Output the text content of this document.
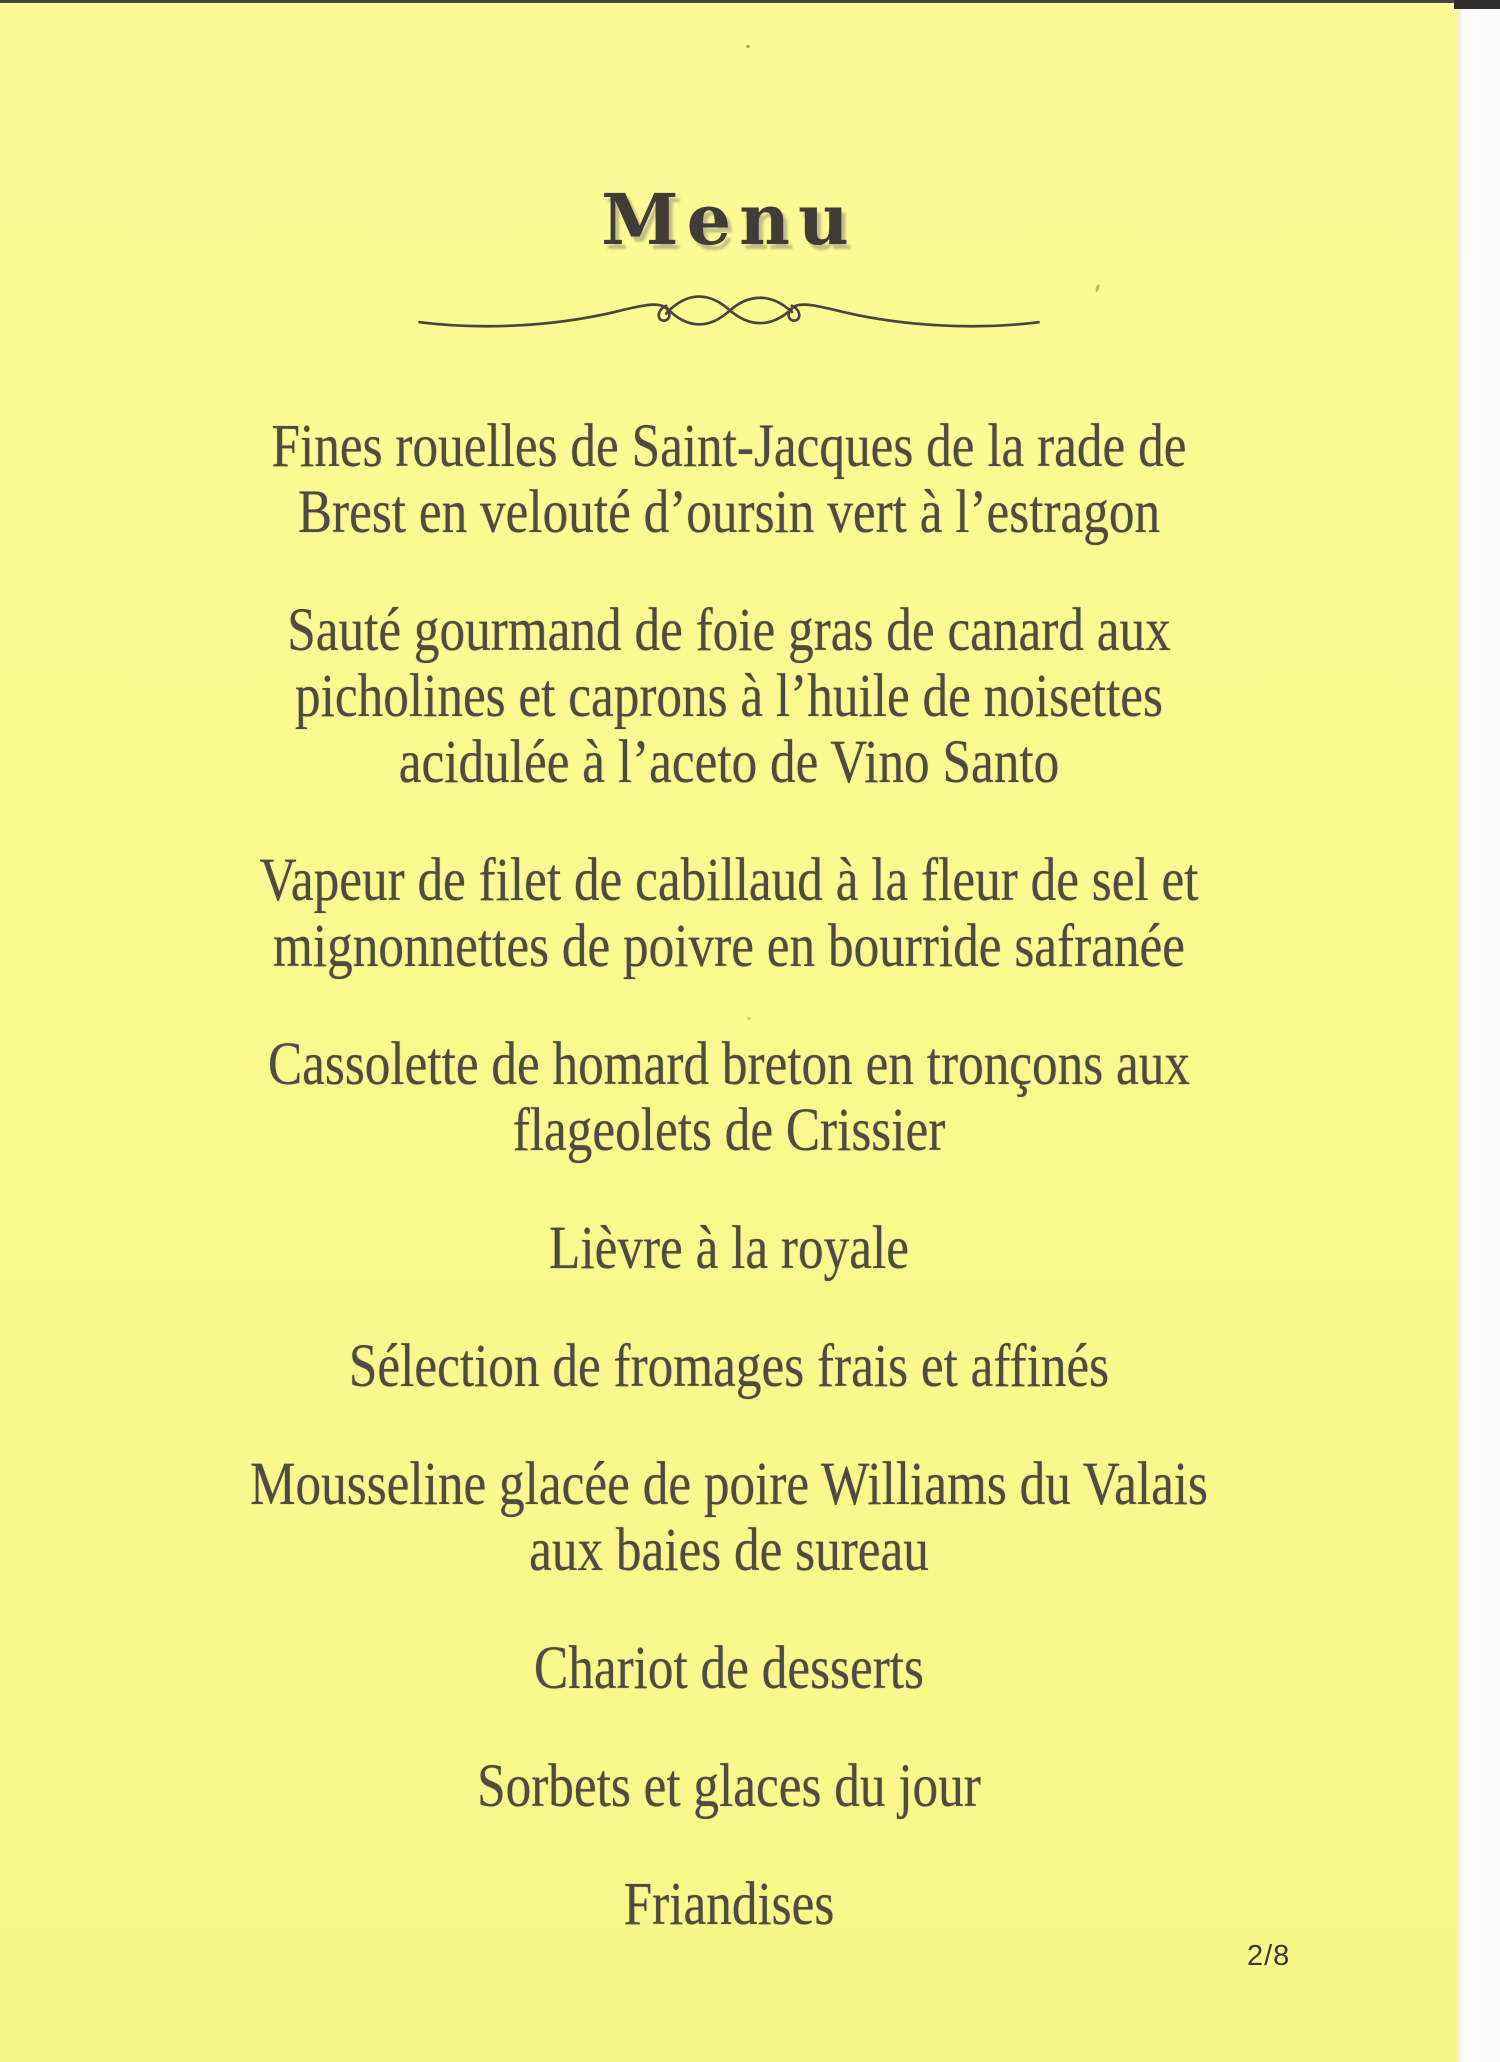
Menu
Fines rouelles de Saint-Jacques de la rade de
Brest en velouté d’oursin vert à l’estragon
Sauté gourmand de foie gras de canard aux
picholines et caprons à l’huile de noisettes
acidulée à l’aceto de Vino Santo
Vapeur de filet de cabillaud à la fleur de sel et
mignonnettes de poivre en bourride safranée
Cassolette de homard breton en tronçons aux
flageolets de Crissier
Lièvre à la royale
Sélection de fromages frais et affinés
Mousseline glacée de poire Williams du Valais
aux baies de sureau
Chariot de desserts
Sorbets et glaces du jour
Friandises
2/8
